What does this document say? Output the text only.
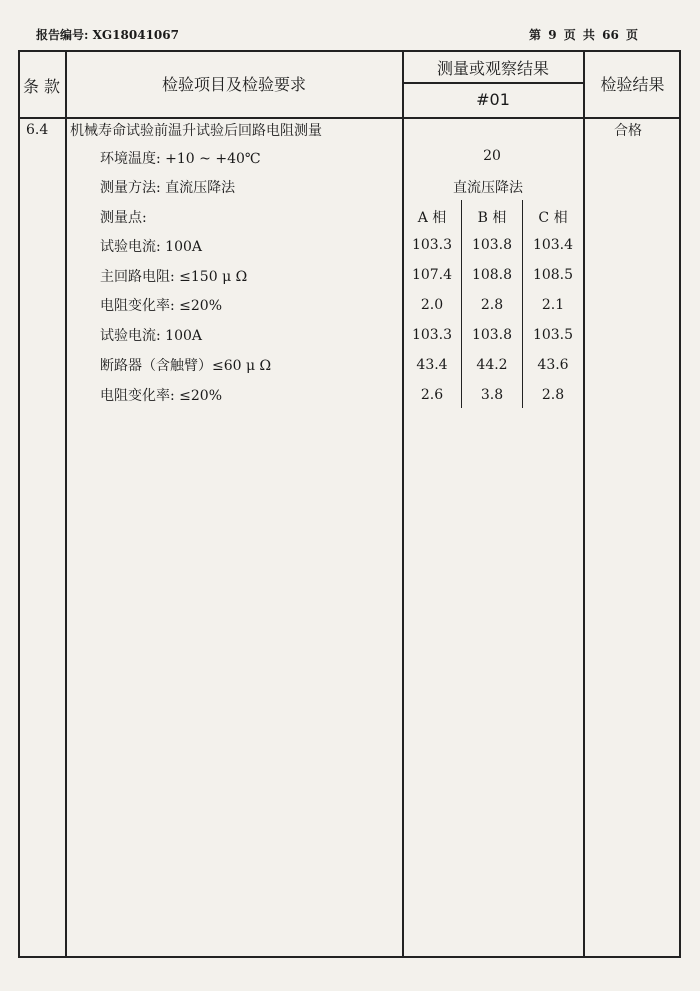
报告编号: XG18041067	第 9 页 共 66 页
条 款	检验项目及检验要求
测量或观察结果
#01
检验结果
6.4 机械寿命试验前温升试验后回路电阻测量	合格
环境温度: +10 ~ +40℃	20
测量方法: 直流压降法	直流压降法
测量点:	A 相	B 相	C 相
试验电流: 100A	103.3 103.8 103.4
主回路电阻: ≤150 μ Ω	107.4 108.8 108.5
电阻变化率: ≤20%	2.0	2.8	2.1
试验电流: 100A	103.3 103.8 103.5
断路器（含触臂）≤60 μ Ω	43.4	44.2	43.6
电阻变化率: ≤20%	2.6	3.8	2.8
